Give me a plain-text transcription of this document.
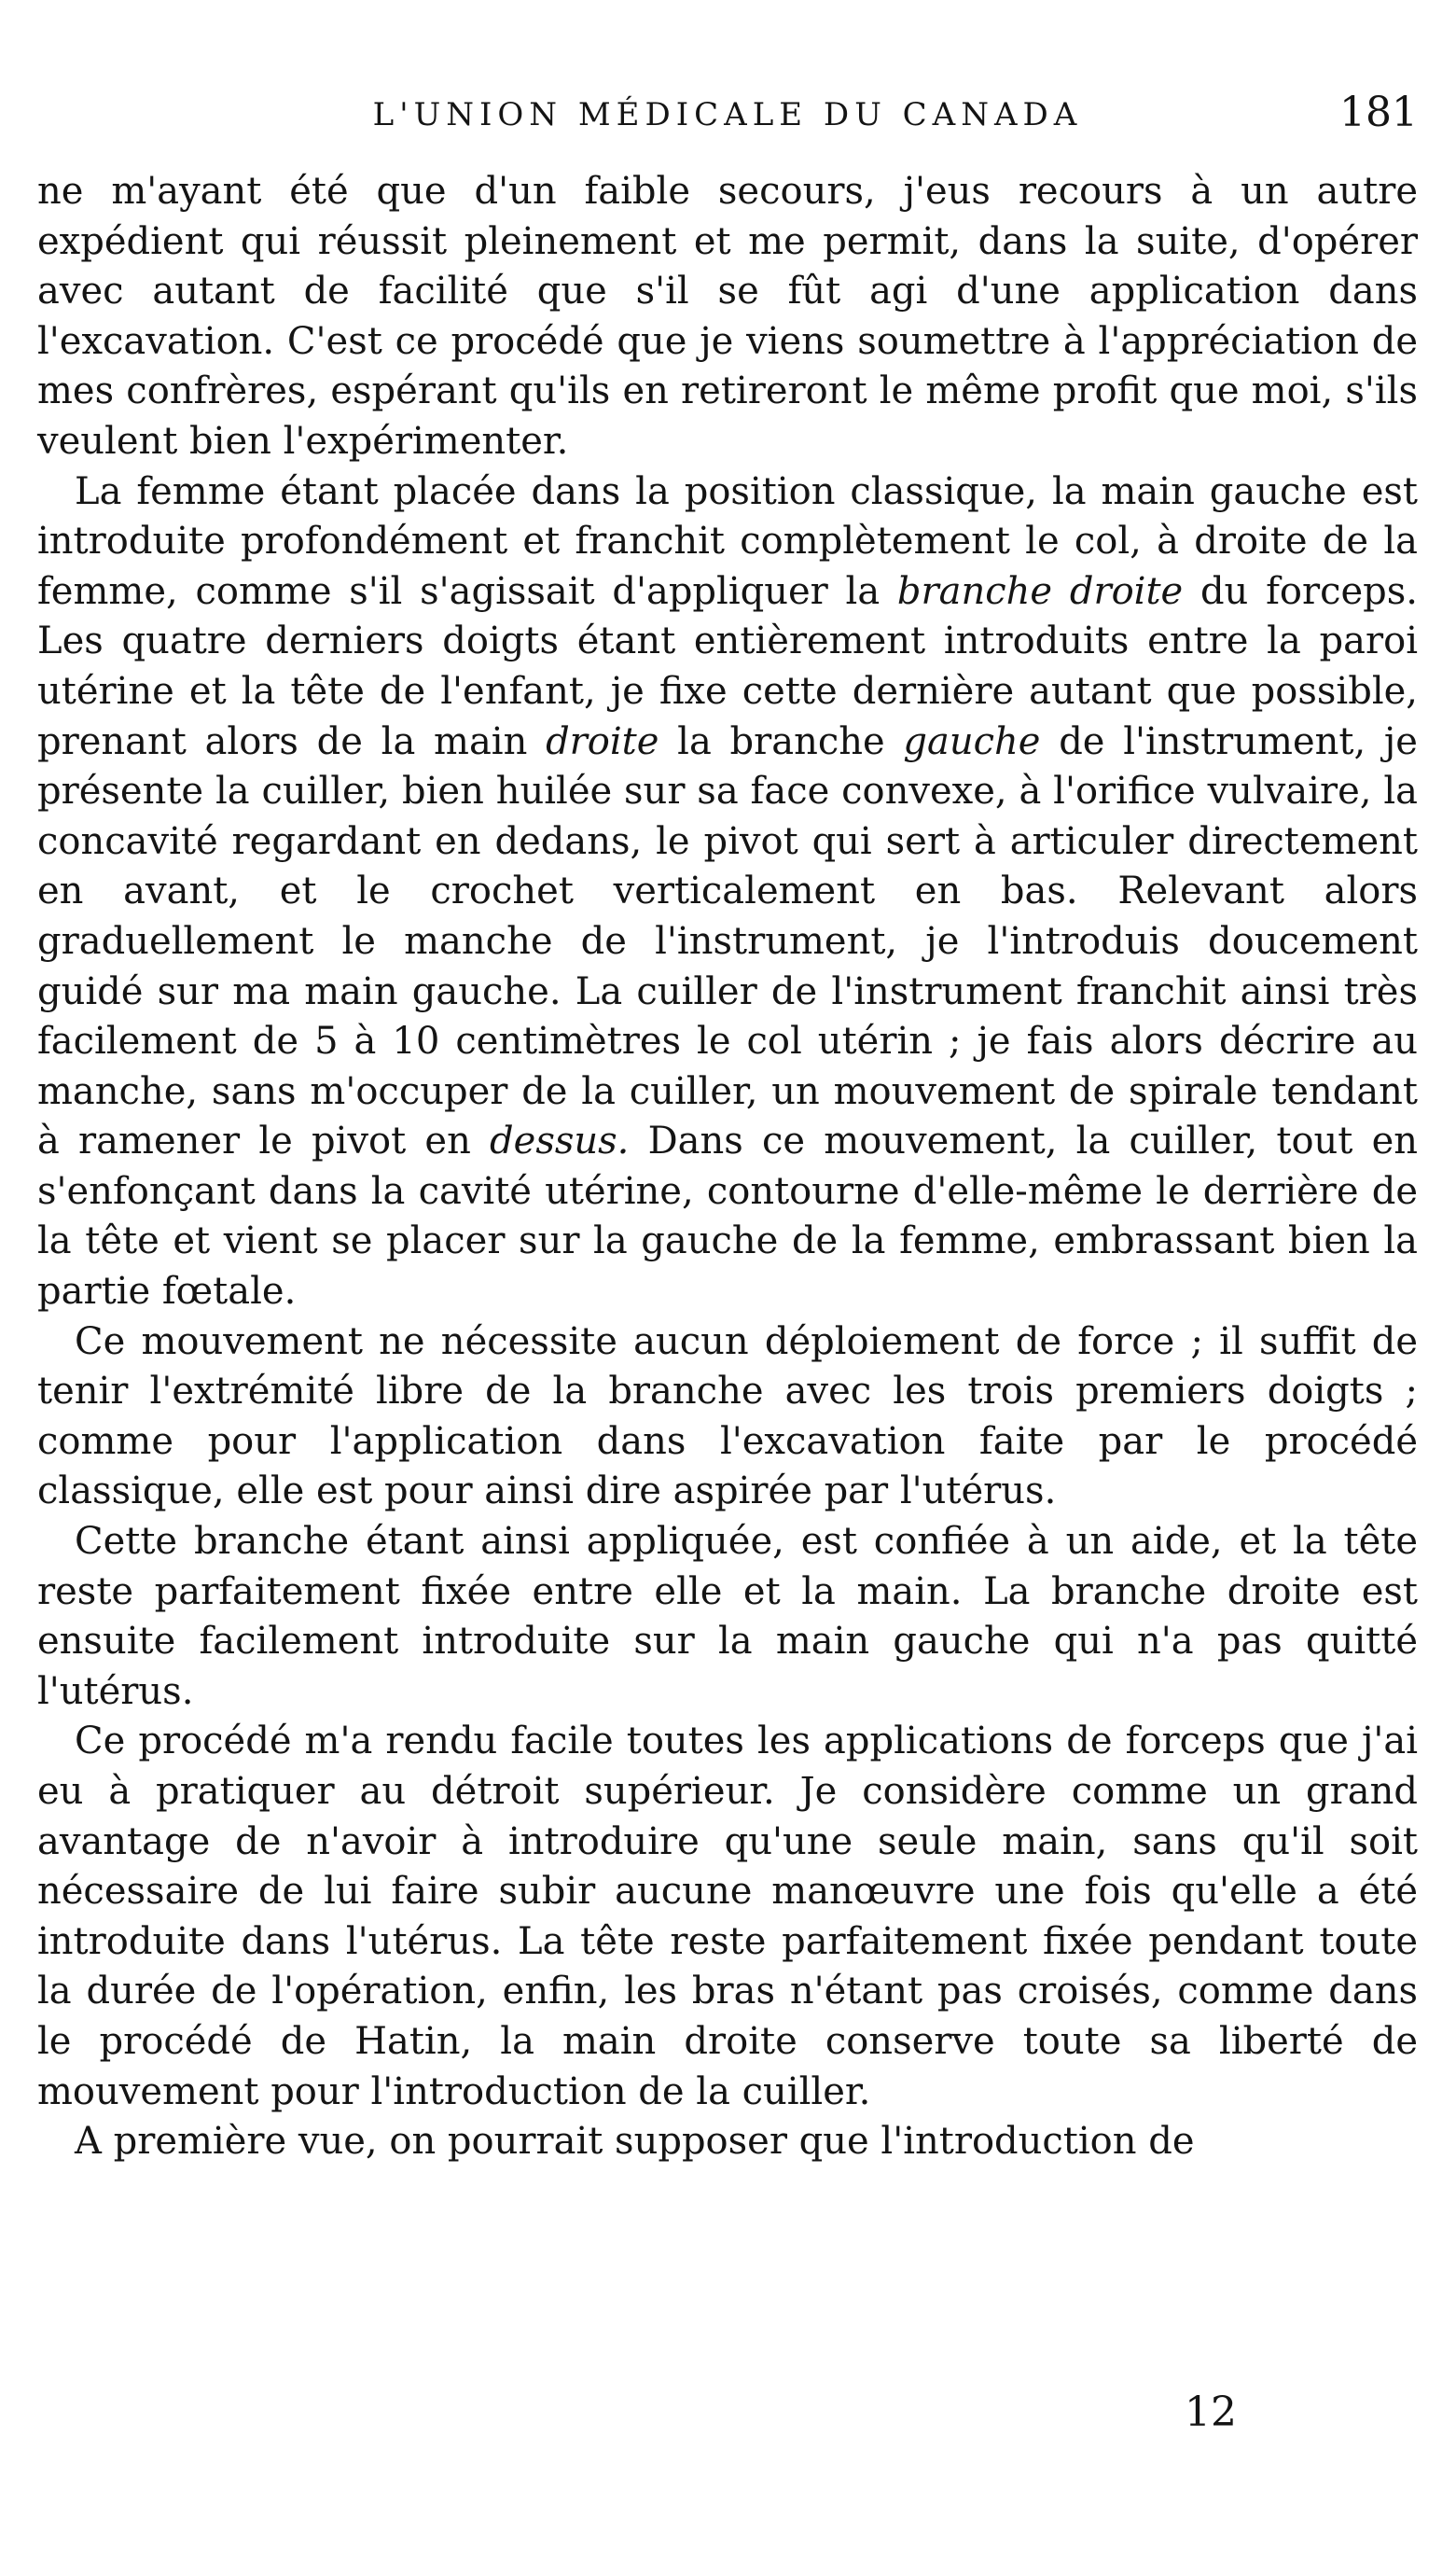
L'UNION MÉDICALE DU CANADA	181

ne m'ayant été que d'un faible secours, j'eus recours à un autre expédient qui réussit pleinement et me permit, dans la suite, d'opérer avec autant de facilité que s'il se fût agi d'une application dans l'excavation. C'est ce procédé que je viens soumettre à l'appréciation de mes confrères, espérant qu'ils en retireront le même profit que moi, s'ils veulent bien l'expérimenter.

La femme étant placée dans la position classique, la main gauche est introduite profondément et franchit complètement le col, à droite de la femme, comme s'il s'agissait d'appliquer la branche droite du forceps. Les quatre derniers doigts étant entièrement introduits entre la paroi utérine et la tête de l'enfant, je fixe cette dernière autant que possible, prenant alors de la main droite la branche gauche de l'instrument, je présente la cuiller, bien huilée sur sa face convexe, à l'orifice vulvaire, la concavité regardant en dedans, le pivot qui sert à articuler directement en avant, et le crochet verticalement en bas. Relevant alors graduellement le manche de l'instrument, je l'introduis doucement guidé sur ma main gauche. La cuiller de l'instrument franchit ainsi très facilement de 5 à 10 centimètres le col utérin ; je fais alors décrire au manche, sans m'occuper de la cuiller, un mouvement de spirale tendant à ramener le pivot en dessus. Dans ce mouvement, la cuiller, tout en s'enfonçant dans la cavité utérine, contourne d'elle-même le derrière de la tête et vient se placer sur la gauche de la femme, embrassant bien la partie fœtale.

Ce mouvement ne nécessite aucun déploiement de force ; il suffit de tenir l'extrémité libre de la branche avec les trois premiers doigts ; comme pour l'application dans l'excavation faite par le procédé classique, elle est pour ainsi dire aspirée par l'utérus.

Cette branche étant ainsi appliquée, est confiée à un aide, et la tête reste parfaitement fixée entre elle et la main. La branche droite est ensuite facilement introduite sur la main gauche qui n'a pas quitté l'utérus.

Ce procédé m'a rendu facile toutes les applications de forceps que j'ai eu à pratiquer au détroit supérieur. Je considère comme un grand avantage de n'avoir à introduire qu'une seule main, sans qu'il soit nécessaire de lui faire subir aucune manœuvre une fois qu'elle a été introduite dans l'utérus. La tête reste parfaitement fixée pendant toute la durée de l'opération, enfin, les bras n'étant pas croisés, comme dans le procédé de Hatin, la main droite conserve toute sa liberté de mouvement pour l'introduction de la cuiller.

A première vue, on pourrait supposer que l'introduction de

12
